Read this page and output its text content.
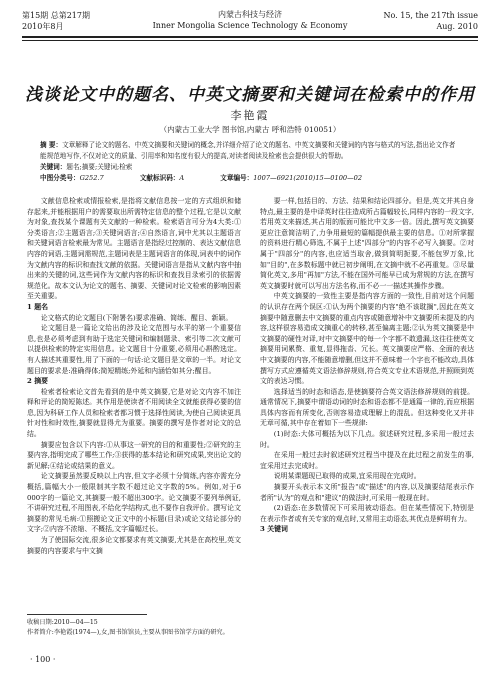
第15期 总第217期
2010年8月
内蒙古科技与经济
Inner Mongolia Science Technology & Economy
No. 15, the 217th issue
Aug. 2010
浅谈论文中的题名、中英文摘要和关键词在检索中的作用
李艳霞
（内蒙古工业大学 图书馆,内蒙古 呼和浩特 010051）

摘 要：文章解释了论文的题名、中英文摘要和关键词的概念,并详细介绍了论文的题名、中英文摘要和关键词的内容与格式的写法,指出论文作者能规范地写作,不仅对论文的质量、引用率和知名度有很大的提高,对读者阅读及检索也会提供很大的帮助。

关键词：题名;摘要;关键词;检索

中图分类号：G252.7	文献标识码：A	文章编号：1007—6921(2010)15—0100—02

文献信息检索或情报检索,是指将文献信息按一定的方式组织和储存起来,并能根据用户的需要取出所需特定信息的整个过程,它是以文献为对象,查找某个课题有关文献的一种检索。检索语言可分为4大类:①分类语言;②主题语言;③关键词语言;④自然语言,词中尤其以主题语言和关键词语言检索最为常见。主题语言是指经过控制的、表达文献信息内容的词语,主题词需规范,主题词表是主题词语言的体现,词表中的词作为文献内容的标识和查找文献的依据。关键词语言是指从文献内容中抽出来的关键的词,这些词作为文献内容的标识和查找目录索引的依据需规范化。故本文认为论文的题名、摘要、关键词对论文检索的影响因素至关重要。

1 题名

论文格式的论文题目(下附署名)要求准确、简练、醒目、新颖。

论文题目是一篇论文给出的涉及论文范围与水平的第一个重要信息,也是必须考虑到有助于选定关键词和编制题录、索引等二次文献可以提供检索的特定实用信息。论文题目十分重要,必须用心斟酌选定。有人描述其重要性,用了下面的一句话:论文题目是文章的一半。对论文题目的要求是:准确得体;简短精练;外延和内涵恰如其分;醒目。

2 摘要

检索者检索论文首先看到的是中英文摘要,它是对论文内容不加注释和评论的简短陈述。其作用是使读者不用阅读全文就能获得必要的信息,因为科研工作人员和检索者都习惯于选择性阅读,为使自己阅读更具针对性和时效性,摘要就显得尤为重要。摘要的撰写是作者对论文的总结。

摘要应包含以下内容:①从事这一研究的目的和重要性;②研究的主要内容,指明完成了哪些工作;③获得的基本结论和研究成果,突出论文的新见解;④结论或结果的意义。

论文摘要虽然要反映以上内容,但文字必须十分简练,内容亦需充分概括,篇幅大小一般限制其字数不超过论文字数的5%。例如,对于6 000字的一篇论文,其摘要一般不超出300字。论文摘要不要列举例证,不讲研究过程,不用图表,不给化学结构式,也不要作自我评价。撰写论文摘要的常见毛病:①照搬论文正文中的小标题(目录)或论文结论部分的文字;②内容不浓缩、不概括,文字篇幅过长。

为了使国际交流,很多论文都要求有英文摘要,尤其是在高校里,英文摘要的内容要求与中文摘

要一样,包括目的、方法、结果和结论四部分。但是,英文并其自身特点,最主要的是中译英时往往造成所占篇幅较长,同样内容的一段文字,若用英文来描述,其占用的版面可能比中文多一倍。因此,撰写英文摘要更应注意简洁明了,力争用最短的篇幅提供最主要的信息。①对所掌握的资料进行精心筛选,不属于上述"四部分"的内容不必写入摘要。②对属于"四部分"的内容,也应适当取舍,做到简明扼要,不能包罗万象,比如"目的",在多数标题中就已初步阐明,在文摘中就不必再重复。③尽量简化英文,多用"再加"方法,不能在国外可能早已成为常规的方法,在撰写英文摘要时就可以写出方法名称,而不必一一描述其操作步骤。

中英文摘要的一致性主要是指内容方面的一致性,目前对这个问题的认识存在两个误区:①认为两个摘要的内容"绝不该耽搁",因此在英文摘要中随意删去中文摘要的重点内容或随意增补中文摘要所未提及的内容,这样很容易造成文摘重心的转移,甚至偏离主题;②认为英文摘要是中文摘要的硬性对译,对中文摘要中的每一个字都不敢遗漏,这往往使英文摘要用词累赘、重复,显得拖沓、冗长。英文摘要应严格、全面的表达中文摘要的内容,不能随意增删,但这并不意味着一个字也不能改动,具体撰写方式应遵循英文语法修辞规则,符合英文专业术语规范,并照顾到英文的表达习惯。

选择适当的时态和语态,是使摘要符合英文语法修辞规则的前提。通常情况下,摘要中谓语动词的时态和语态都不是通篇一律的,而应根据具体内容而有所变化,否则容易造成理解上的混乱。但这种变化又并非无章可循,其中存在着如下一些规律:

(1)时态:大体可概括为以下几点。叙述研究过程,多采用一般过去时。

在采用一般过去时叙述研究过程当中提及在此过程之前发生的事,宜采用过去完成时。

说明某课题现已取得的成果,宜采用现在完成时。

摘要开头表示本文所"报告"或"描述"的内容,以及摘要结尾表示作者所"认为"的观点和"建议"的做法时,可采用一般现在时。

(2)语态:在多数情况下可采用被动语态。但在某些情况下,特别是在表示作者或有关专家的观点时,又常用主动语态,其优点是鲜明有力。

3 关键词

收稿日期:2010—04—15

作者简介:李艳霞(1974—),女,图书馆馆员,主要从事图书馆学方面的研究。

· 100 ·
